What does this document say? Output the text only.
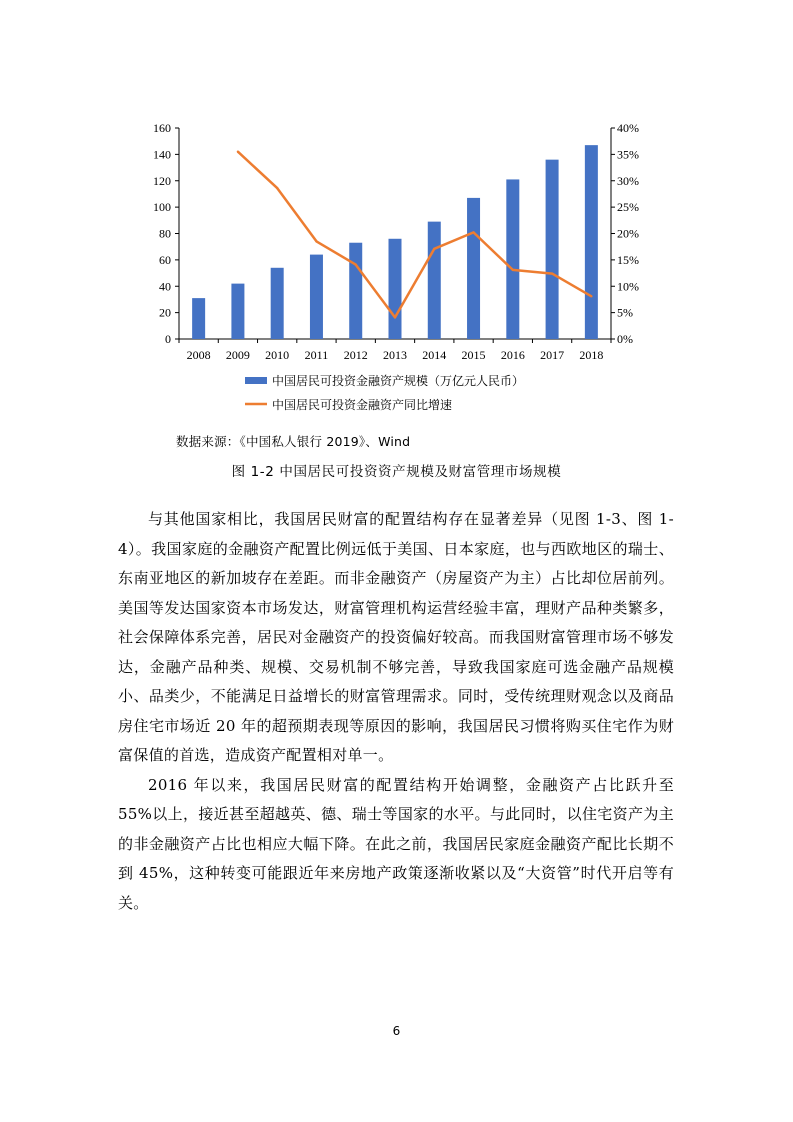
0
20
40
60
80
100
120
140
160
0%
5%
10%
15%
20%
25%
30%
35%
40%
2008 2009 2010 2011 2012 2013 2014 2015 2016 2017 2018
中国居民可投资金融资产规模（万亿元人民币）
中国居民可投资金融资产同比增速
数据来源：《中国私人银行 2019》、Wind
图 1-2 中国居民可投资资产规模及财富管理市场规模

与其他国家相比，我国居民财富的配置结构存在显著差异（见图 1-3、图 1-4）。我国家庭的金融资产配置比例远低于美国、日本家庭，也与西欧地区的瑞士、东南亚地区的新加坡存在差距。而非金融资产（房屋资产为主）占比却位居前列。美国等发达国家资本市场发达，财富管理机构运营经验丰富，理财产品种类繁多，社会保障体系完善，居民对金融资产的投资偏好较高。而我国财富管理市场不够发达，金融产品种类、规模、交易机制不够完善，导致我国家庭可选金融产品规模小、品类少，不能满足日益增长的财富管理需求。同时，受传统理财观念以及商品房住宅市场近 20 年的超预期表现等原因的影响，我国居民习惯将购买住宅作为财富保值的首选，造成资产配置相对单一。

2016 年以来，我国居民财富的配置结构开始调整，金融资产占比跃升至 55%以上，接近甚至超越英、德、瑞士等国家的水平。与此同时，以住宅资产为主的非金融资产占比也相应大幅下降。在此之前，我国居民家庭金融资产配比长期不到 45%，这种转变可能跟近年来房地产政策逐渐收紧以及“大资管”时代开启等有关。

6
